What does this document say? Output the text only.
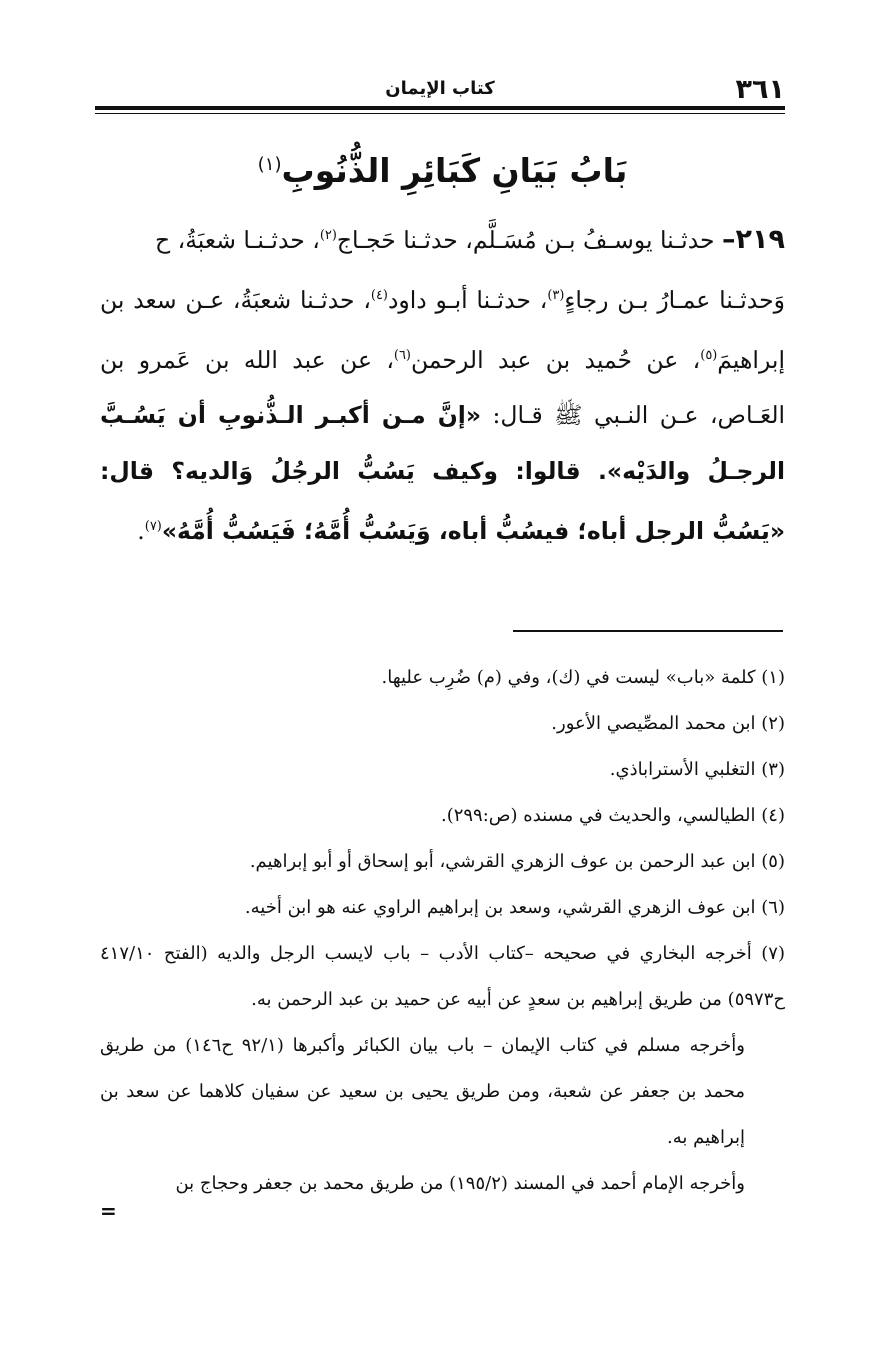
٣٦١
كتاب الإيمان
بَابُ بَيَانِ كَبَائِرِ الذُّنُوبِ$^{(١)}$

٢١٩– حدثـنا يوسـفُ بـن مُسَـلَّم، حدثـنا حَجـاج$^{(٢)}$، حدثـنـا شعبَةُ، ح

وَحدثـنا عمـارُ بـن رجاءٍ$^{(٣)}$، حدثـنا أبـو داود$^{(٤)}$، حدثـنا شعبَةُ، عـن سعد بن إبراهيمَ$^{(٥)}$، عن حُميد بن عبد الرحمن$^{(٦)}$، عن عبد الله بن عَمرو بن العَـاص، عـن النـبي ﷺ قـال: «إنَّ مـن أكبـر الـذُّنوبِ أن يَسُـبَّ الرجـلُ والدَيْه». قالوا: وكيف يَسُبُّ الرجُلُ وَالديه؟ قال: «يَسُبُّ الرجل أباه؛ فيسُبُّ أباه، وَيَسُبُّ أُمَّهُ؛ فَيَسُبُّ أُمَّهُ»$^{(٧)}$.

(١) كلمة «باب» ليست في (ك)، وفي (م) ضُرِب عليها.

(٢) ابن محمد المصِّيصي الأعور.

(٣) التغلبي الأستراباذي.

(٤) الطيالسي، والحديث في مسنده (ص:٢٩٩).

(٥) ابن عبد الرحمن بن عوف الزهري القرشي، أبو إسحاق أو أبو إبراهيم.

(٦) ابن عوف الزهري القرشي، وسعد بن إبراهيم الراوي عنه هو ابن أخيه.

(٧) أخرجه البخاري في صحيحه –كتاب الأدب – باب لايسب الرجل والديه (الفتح ٤١٧/١٠ ح٥٩٧٣) من طريق إبراهيم بن سعدٍ عن أبيه عن حميد بن عبد الرحمن به.

وأخرجه مسلم في كتاب الإيمان – باب بيان الكبائر وأكبرها (٩٢/١ ح١٤٦) من طريق محمد بن جعفر عن شعبة، ومن طريق يحيى بن سعيد عن سفيان كلاهما عن سعد بن إبراهيم به.

وأخرجه الإمام أحمد في المسند (١٩٥/٢) من طريق محمد بن جعفر وحجاج بن

=
